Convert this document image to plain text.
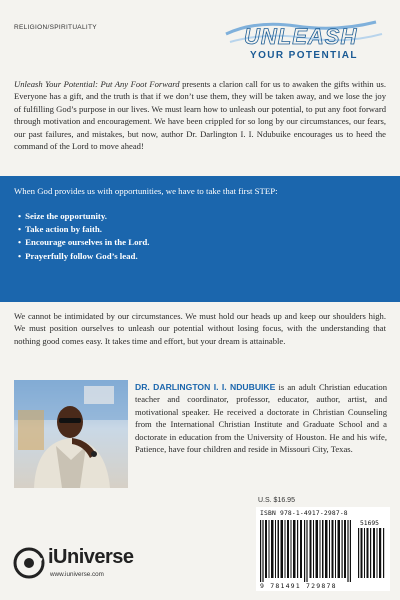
RELIGION/SPIRITUALITY	UNLEASH
YOUR POTENTIAL

Unleash Your Potential: Put Any Foot Forward presents a clarion call for us to awaken the gifts within us. Everyone has a gift, and the truth is that if we don’t use them, they will be taken away, and we lose the joy of fulfilling God’s purpose in our lives. We must learn how to unleash our potential, to put any foot forward through motivation and encouragement. We have been crippled for so long by our circumstances, our fears, our past failures, and mistakes, but now, author Dr. Darlington I. I. Ndubuike encourages us to heed the command of the Lord to move ahead!

When God provides us with opportunities, we have to take that first STEP:

• Seize the opportunity.
• Take action by faith.
• Encourage ourselves in the Lord.
• Prayerfully follow God’s lead.

We cannot be intimidated by our circumstances. We must hold our heads up and keep our shoulders high. We must position ourselves to unleash our potential without losing focus, with the understanding that nothing good comes easy. It takes time and effort, but your dream is attainable.

DR. DARLINGTON I. I. NDUBUIKE is an adult Christian education teacher and coordinator, professor, educator, author, artist, and motivational speaker. He received a doctorate in Christian Counseling from the International Christian Institute and Graduate School and a doctorate in education from the University of Houston. He and his wife, Patience, have four children and reside in Missouri City, Texas.

U.S. $16.95
ISBN 978-1-4917-2987-8
51695
9 781491 729878
iUniverse
www.iuniverse.com
